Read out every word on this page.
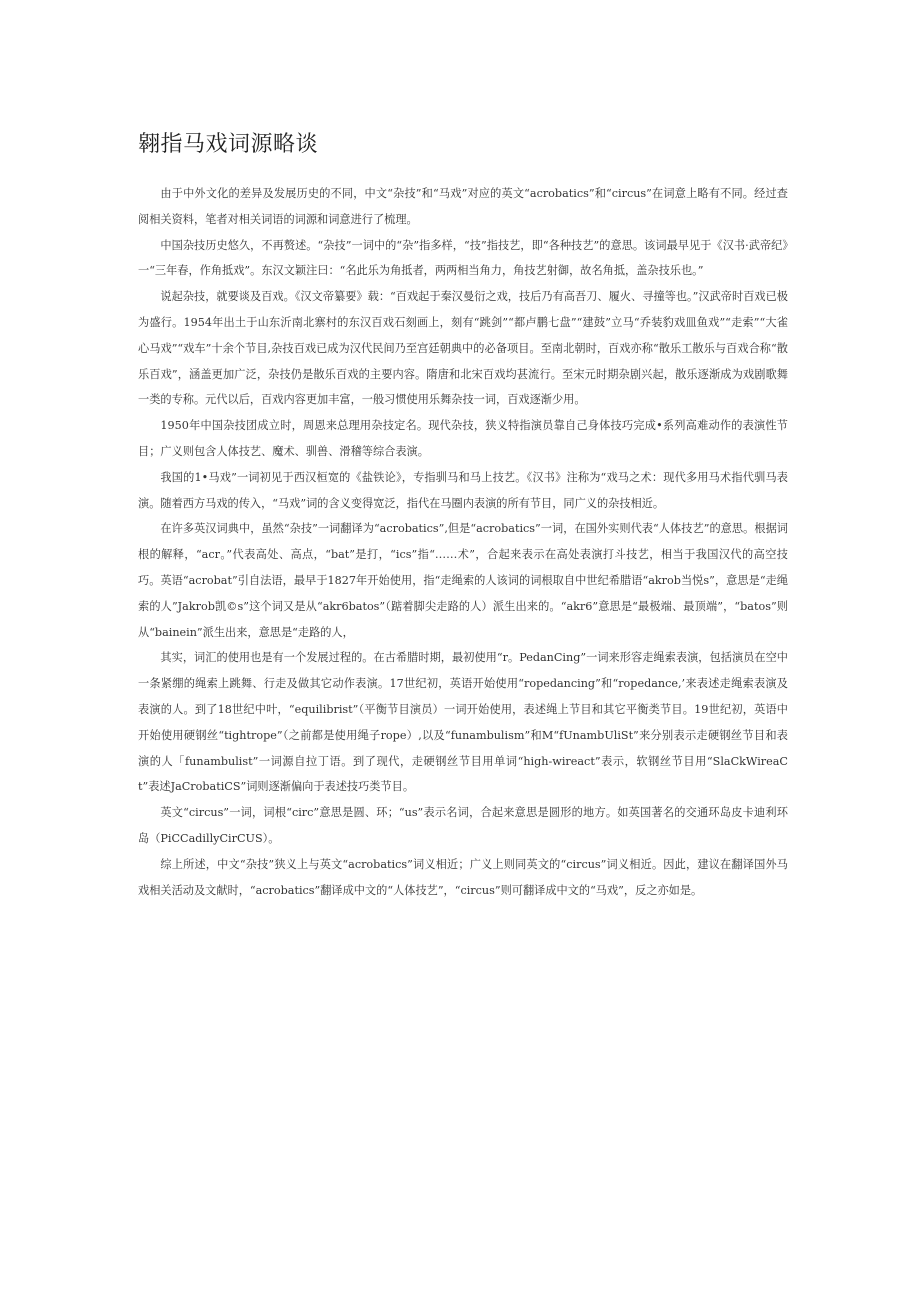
翱指马戏词源略谈

由于中外文化的差异及发展历史的不同，中文“杂技”和“马戏”对应的英文“acrobatics”和“circus”在词意上略有不同。经过查阅相关资料，笔者对相关词语的词源和词意进行了梳理。

中国杂技历史悠久，不再赘述。“杂技”一词中的“杂”指多样，“技”指技艺，即“各种技艺”的意思。该词最早见于《汉书·武帝纪》一“三年春，作角抵戏”。东汉文颖注曰：“名此乐为角抵者，两两相当角力，角技艺射御，故名角抵，盖杂技乐也。”

说起杂技，就要谈及百戏。《汉文帝纂要》载：“百戏起于秦汉曼衍之戏，技后乃有高吾刀、履火、寻撞等也。”汉武帝时百戏已极为盛行。1954年出土于山东沂南北寨村的东汉百戏石刻画上，刻有“跳剑”“都卢鹏七盘”“建鼓”立马“乔装豹戏皿鱼戏”“走索”“大雀心马戏”“戏车”十余个节目,杂技百戏已成为汉代民间乃至宫廷朝典中的必备项目。至南北朝时，百戏亦称“散乐工散乐与百戏合称“散乐百戏”，涵盖更加广泛，杂技仍是散乐百戏的主要内容。隋唐和北宋百戏均甚流行。至宋元时期杂剧兴起，散乐逐渐成为戏剧歌舞一类的专称。元代以后，百戏内容更加丰富，一般习惯使用乐舞杂技一词，百戏逐渐少用。

1950年中国杂技团成立时，周恩来总理用杂技定名。现代杂技，狭义特指演员靠自己身体技巧完成•系列高难动作的表演性节目；广义则包含人体技艺、魔术、驯兽、滑稽等综合表演。

我国的1•马戏”一词初见于西汉桓宽的《盐铁论》，专指驯马和马上技艺。《汉书》注称为“戏马之术：现代多用马术指代驯马表演。随着西方马戏的传入，“马戏”词的含义变得宽泛，指代在马圈内表演的所有节目，同广义的杂技相近。

在许多英汉词典中，虽然“杂技”一词翻译为“acrobatics”,但是“acrobatics”一词，在国外实则代表“人体技艺”的意思。根据词根的解释，“acr。”代表高处、高点，“bat”是打，“ics”指“……术”，合起来表示在高处表演打斗技艺，相当于我国汉代的高空技巧。英语“acrobat”引自法语，最早于1827年开始使用，指“走绳索的人该词的词根取自中世纪希腊语“akrob当悦s”，意思是“走绳索的人”Jakrob凯©s”这个词又是从“akr6batos”（踮着脚尖走路的人）派生出来的。“akr6”意思是“最极端、最顶端”，“batos”则从“bainein”派生出来，意思是“走路的人，

其实，词汇的使用也是有一个发展过程的。在古希腊时期，最初使用“r。PedanCing”一词来形容走绳索表演，包括演员在空中一条紧绷的绳索上跳舞、行走及做其它动作表演。17世纪初，英语开始使用“ropedancing”和“ropedance,’来表述走绳索表演及表演的人。到了18世纪中叶，“equilibrist”（平衡节目演员）一词开始使用，表述绳上节目和其它平衡类节目。19世纪初，英语中开始使用硬钢丝“tightrope”（之前都是使用绳子rope）,以及“funambulism”和M“fUnambUliSt”来分别表示走硬钢丝节目和表演的人「funambulist”一词源自拉丁语。到了现代，走硬钢丝节目用单词“high-wireact”表示，软钢丝节目用“SlaCkWireaCt”表述JaCrobatiCS”词则逐渐偏向于表述技巧类节目。

英文“circus”一词，词根“circ”意思是圆、环；“us”表示名词，合起来意思是圆形的地方。如英国著名的交通环岛皮卡迪利环岛（PiCCadillyCirCUS）。

综上所述，中文“杂技”狭义上与英文“acrobatics”词义相近；广义上则同英文的“circus”词义相近。因此，建议在翻译国外马戏相关活动及文献时，“acrobatics”翻译成中文的“人体技艺”，“circus”则可翻译成中文的“马戏”，反之亦如是。
